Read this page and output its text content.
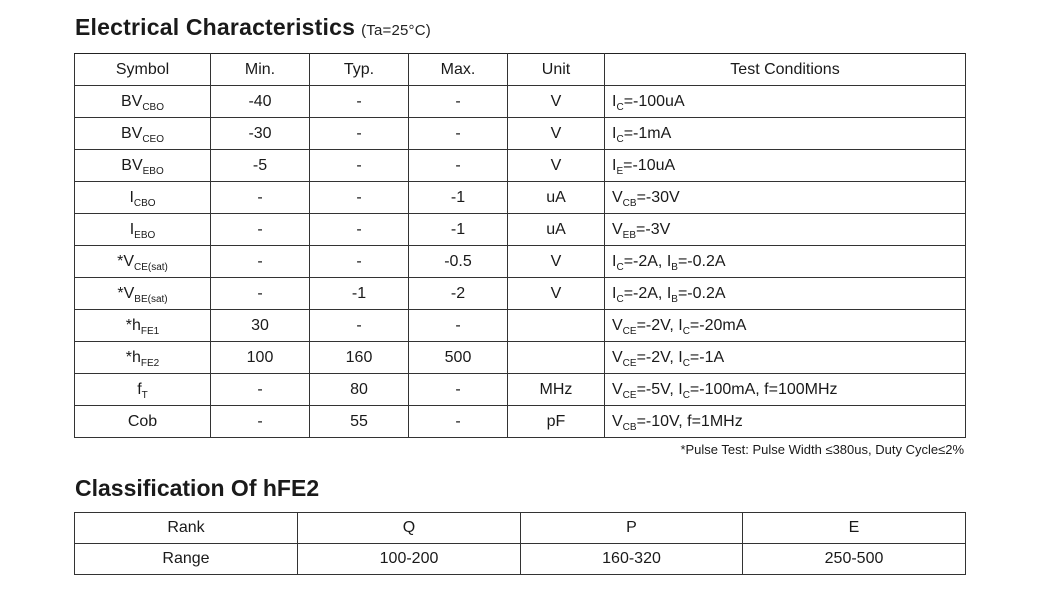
Electrical Characteristics (Ta=25°C)
Symbol	Min.	Typ.	Max.	Unit	Test Conditions
$BV_{CBO}$	-40	-	-	V	$I_C=-100uA$
$BV_{CEO}$	-30	-	-	V	$I_C=-1mA$
$BV_{EBO}$	-5	-	-	V	$I_E=-10uA$
$I_{CBO}$	-	-	-1	uA	$V_{CB}=-30V$
$I_{EBO}$	-	-	-1	uA	$V_{EB}=-3V$
$*V_{CE(sat)}$	-	-	-0.5	V	$I_C=-2A$, $I_B=-0.2A$
$*V_{BE(sat)}$	-	-1	-2	V	$I_C=-2A$, $I_B=-0.2A$
$*h_{FE1}$	30	-	-		$V_{CE}=-2V$, $I_C=-20mA$
$*h_{FE2}$	100	160	500		$V_{CE}=-2V$, $I_C=-1A$
$f_T$	-	80	-	MHz	$V_{CE}=-5V$, $I_C=-100mA$, f=100MHz
Cob	-	55	-	pF	$V_{CB}=-10V$, f=1MHz
*Pulse Test: Pulse Width ≤380us, Duty Cycle≤2%
Classification Of hFE2
Rank	Q	P	E
Range	100-200	160-320	250-500
